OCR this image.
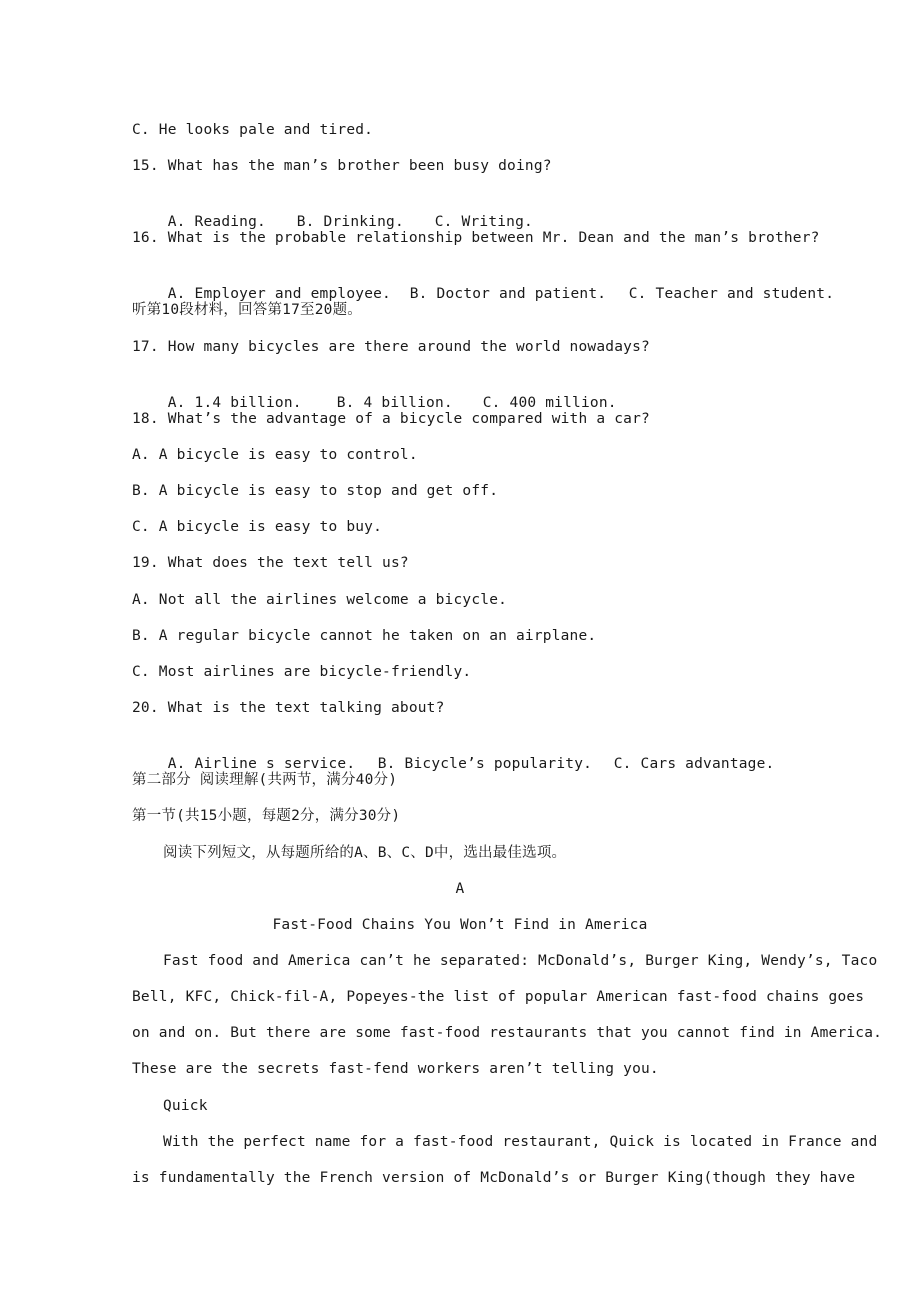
C. He looks pale and tired.
15. What has the man’s brother been busy doing?

A. Reading. B. Drinking. C. Writing.

16. What is the probable relationship between Mr. Dean and the man’s brother?

A. Employer and employee. B. Doctor and patient. C. Teacher and student.

听第10段材料，回答第17至20题。
17. How many bicycles are there around the world nowadays?

A. 1.4 billion. B. 4 billion. C. 400 million.

18. What’s the advantage of a bicycle compared with a car?
A. A bicycle is easy to control.
B. A bicycle is easy to stop and get off.
C. A bicycle is easy to buy.
19. What does the text tell us?
A. Not all the airlines welcome a bicycle.
B. A regular bicycle cannot he taken on an airplane.
C. Most airlines are bicycle-friendly.
20. What is the text talking about?

A. Airline s service. B. Bicycle’s popularity. C. Cars advantage.

第二部分 阅读理解(共两节，满分40分)
第一节(共15小题，每题2分，满分30分)
阅读下列短文，从每题所给的A、B、C、D中，选出最佳选项。
A
Fast-Food Chains You Won’t Find in America
Fast food and America can’t he separated: McDonald’s, Burger King, Wendy’s, Taco
Bell, KFC, Chick-fil-A, Popeyes-the list of popular American fast-food chains goes
on and on. But there are some fast-food restaurants that you cannot find in America.
These are the secrets fast-fend workers aren’t telling you.
Quick
With the perfect name for a fast-food restaurant, Quick is located in France and
is fundamentally the French version of McDonald’s or Burger King(though they have
